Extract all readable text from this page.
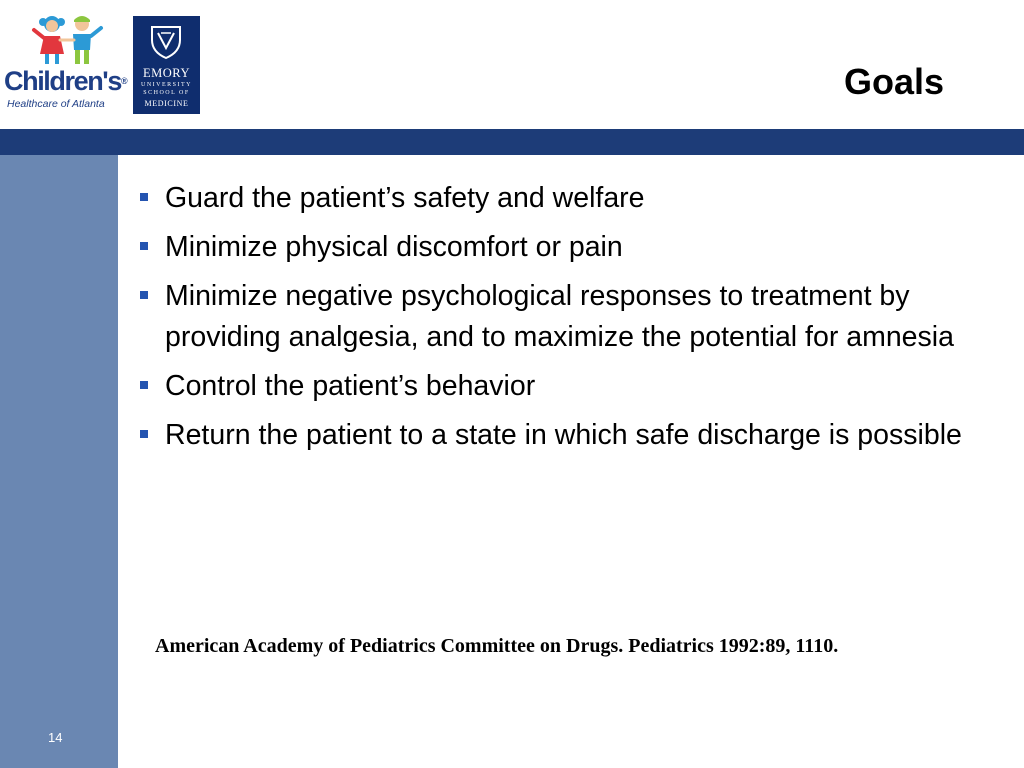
Children's®
Healthcare of Atlanta
EMORY
UNIVERSITY
SCHOOL OF
MEDICINE
Goals
Guard the patient’s safety and welfare
Minimize physical discomfort or pain
Minimize negative psychological responses to treatment by providing analgesia, and to maximize the potential for amnesia
Control the patient’s behavior
Return the patient to a state in which safe discharge is possible
American Academy of Pediatrics Committee on Drugs. Pediatrics 1992:89, 1110.
14
